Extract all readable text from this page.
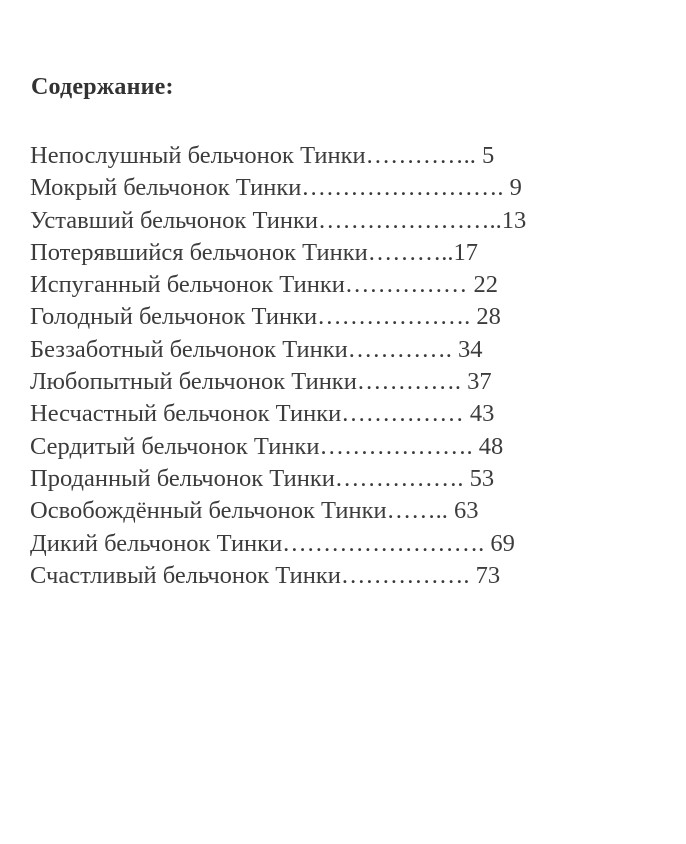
Содержание:
Непослушный бельчонок Тинки………….. 5
Мокрый бельчонок Тинки……………………. 9
Уставший бельчонок Тинки…………………..13
Потерявшийся бельчонок Тинки………..17
Испуганный бельчонок Тинки…………… 22
Голодный бельчонок Тинки………………. 28
Беззаботный бельчонок Тинки…………. 34
Любопытный бельчонок Тинки…………. 37
Несчастный бельчонок Тинки…………… 43
Сердитый бельчонок Тинки………………. 48
Проданный бельчонок Тинки……………. 53
Освобождённый бельчонок Тинки…….. 63
Дикий бельчонок Тинки……………………. 69
Счастливый бельчонок Тинки……………. 73
